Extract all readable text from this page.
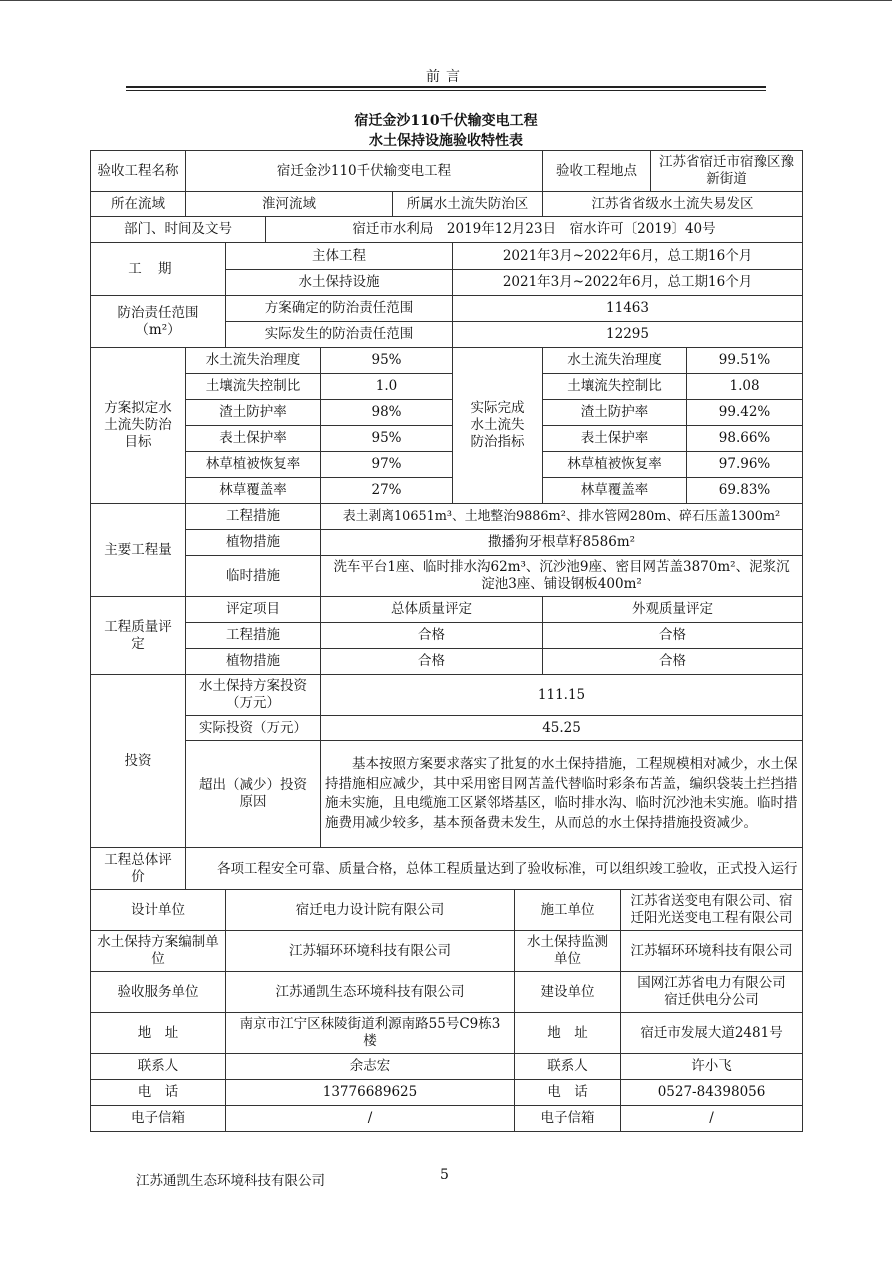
前言
宿迁金沙110千伏输变电工程
水土保持设施验收特性表
验收工程名称	宿迁金沙110千伏输变电工程							验收工程地点		江苏省宿迁市宿豫区豫新街道	
所在流域	淮河流域				所属水土流失防治区			江苏省省级水土流失易发区			
部门、时间及文号			宿迁市水利局　2019年12月23日　宿水许可〔2019〕40号								
工期		主体工程				2021年3月~2022年6月，总工期16个月					
		水土保持设施				2021年3月~2022年6月，总工期16个月					
防治责任范围（m²）		方案确定的防治责任范围				11463					
		实际发生的防治责任范围				12295					
方案拟定水土流失防治目标	水土流失治理度			95%		实际完成水土流失防治指标		水土流失治理度			99.51%
	土壤流失控制比			1.0				土壤流失控制比			1.08
	渣土防护率			98%				渣土防护率			99.42%
	表土保护率			95%				表土保护率			98.66%
	林草植被恢复率			97%				林草植被恢复率			97.96%
	林草覆盖率			27%				林草覆盖率			69.83%
主要工程量	工程措施			表土剥离10651m³、土地整治9886m²、排水管网280m、碎石压盖1300m²							
	植物措施			撒播狗牙根草籽8586m²							
	临时措施			洗车平台1座、临时排水沟62m³、沉沙池9座、密目网苫盖3870m²、泥浆沉淀池3座、铺设钢板400m²							
工程质量评定	评定项目			总体质量评定				外观质量评定			
	工程措施			合格				合格			
	植物措施			合格				合格			
投资	水土保持方案投资（万元）			111.15							
	实际投资（万元）			45.25							
	超出（减少）投资原因			基本按照方案要求落实了批复的水土保持措施，工程规模相对减少，水土保持措施相应减少，其中采用密目网苫盖代替临时彩条布苫盖，编织袋装土拦挡措施未实施，且电缆施工区紧邻塔基区，临时排水沟、临时沉沙池未实施。临时措施费用减少较多，基本预备费未发生，从而总的水土保持措施投资减少。							
工程总体评价	各项工程安全可靠、质量合格，总体工程质量达到了验收标准，可以组织竣工验收，正式投入运行										
设计单位		宿迁电力设计院有限公司					施工单位		江苏省送变电有限公司、宿迁阳光送变电工程有限公司		
水土保持方案编制单位		江苏辐环环境科技有限公司					水土保持监测单位		江苏辐环环境科技有限公司		
验收服务单位		江苏通凯生态环境科技有限公司					建设单位		国网江苏省电力有限公司宿迁供电分公司		
地　址		南京市江宁区秣陵街道利源南路55号C9栋3楼					地　址		宿迁市发展大道2481号		
联系人		余志宏					联系人		许小飞		
电　话		13776689625					电　话		0527-84398056		
电子信箱		/					电子信箱		/		
江苏通凯生态环境科技有限公司	5
